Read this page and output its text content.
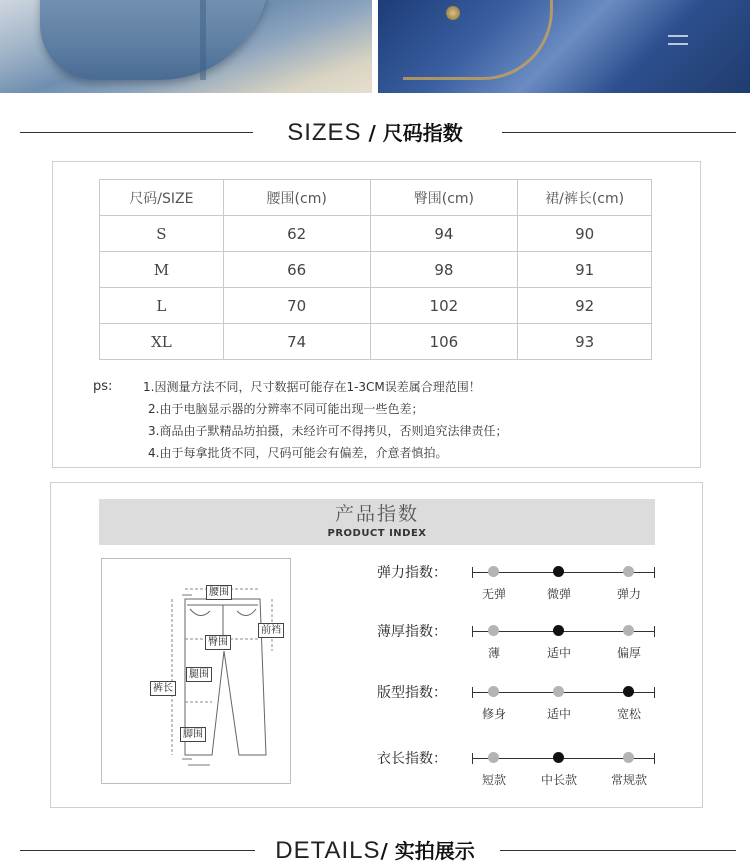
SIZES / 尺码指数
尺码/SIZE	腰围(cm)	臀围(cm)	裙/裤长(cm)
S	62	94	90
M	66	98	91
L	70	102	92
XL	74	106	93
ps:	1.因测量方法不同，尺寸数据可能存在1-3CM误差属合理范围！
2.由于电脑显示器的分辨率不同可能出现一些色差；
3.商品由子默精品坊拍摄，未经许可不得拷贝，否则追究法律责任；
4.由于每拿批货不同，尺码可能会有偏差，介意者慎拍。
产品指数
PRODUCT INDEX
腰围
臀围
前裆
腿围
裤长
脚围
弹力指数：
无弹	微弹	弹力
薄厚指数：
薄	适中	偏厚
版型指数：
修身	适中	宽松
衣长指数：
短款	中长款	常规款
DETAILS/ 实拍展示
